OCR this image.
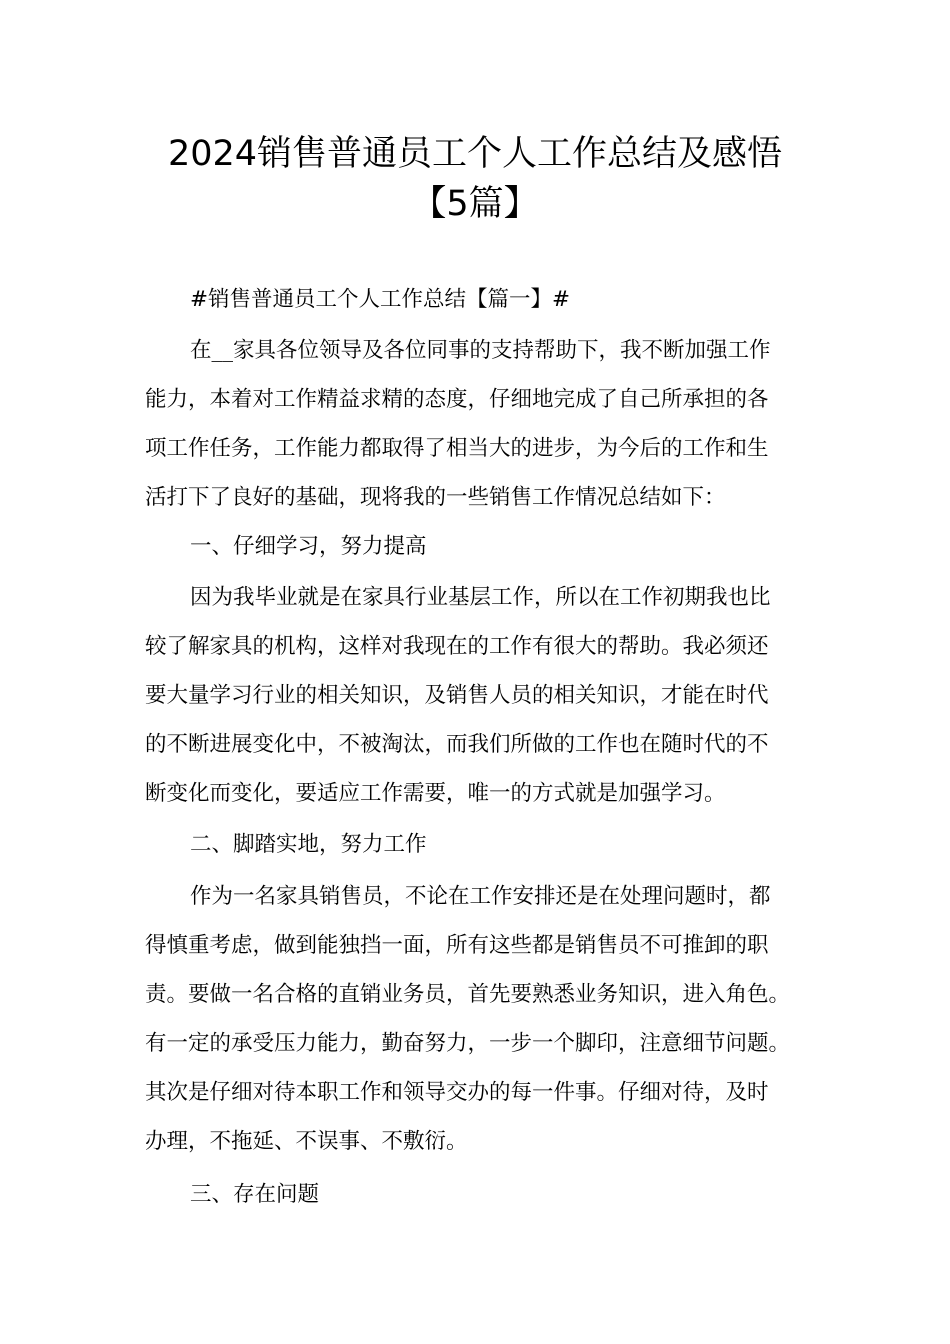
2024销售普通员工个人工作总结及感悟
【5篇】

#销售普通员工个人工作总结【篇一】#

在__家具各位领导及各位同事的支持帮助下，我不断加强工作

能力，本着对工作精益求精的态度，仔细地完成了自己所承担的各

项工作任务，工作能力都取得了相当大的进步，为今后的工作和生

活打下了良好的基础，现将我的一些销售工作情况总结如下：

一、仔细学习，努力提高

因为我毕业就是在家具行业基层工作，所以在工作初期我也比

较了解家具的机构，这样对我现在的工作有很大的帮助。我必须还

要大量学习行业的相关知识，及销售人员的相关知识，才能在时代

的不断进展变化中，不被淘汰，而我们所做的工作也在随时代的不

断变化而变化，要适应工作需要，唯一的方式就是加强学习。

二、脚踏实地，努力工作

作为一名家具销售员，不论在工作安排还是在处理问题时，都

得慎重考虑，做到能独挡一面，所有这些都是销售员不可推卸的职

责。要做一名合格的直销业务员，首先要熟悉业务知识，进入角色。

有一定的承受压力能力，勤奋努力，一步一个脚印，注意细节问题。

其次是仔细对待本职工作和领导交办的每一件事。仔细对待，及时

办理，不拖延、不误事、不敷衍。

三、存在问题
